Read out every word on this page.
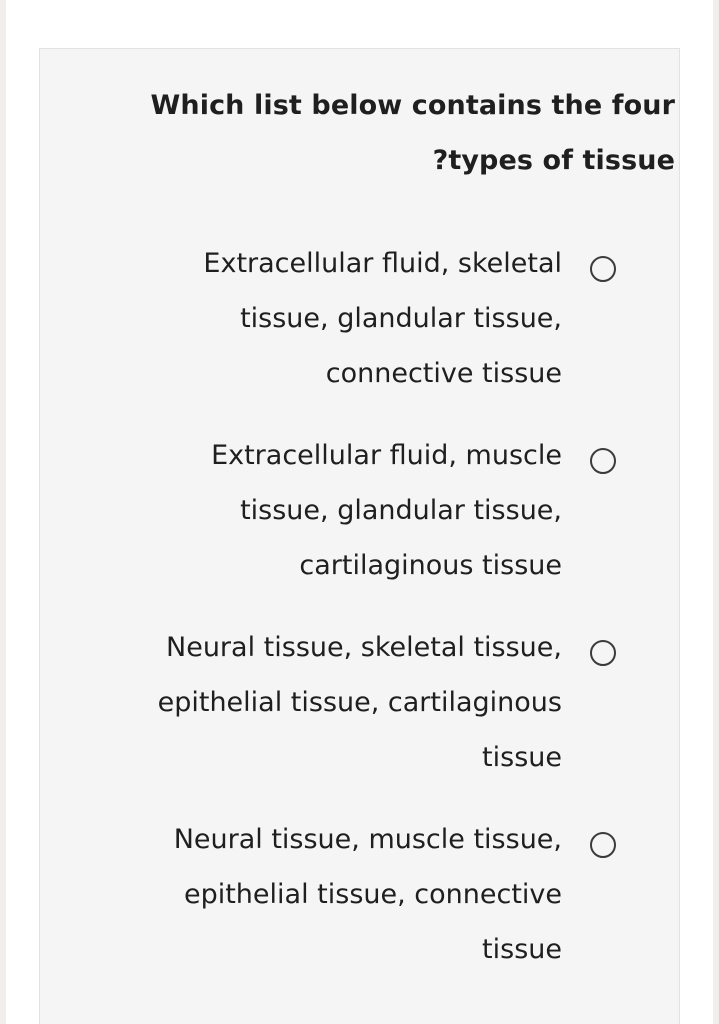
Which list below contains the four
?types of tissue

Extracellular fluid, skeletal
tissue, glandular tissue,
connective tissue
Extracellular fluid, muscle
tissue, glandular tissue,
cartilaginous tissue
Neural tissue, skeletal tissue,
epithelial tissue, cartilaginous
tissue
Neural tissue, muscle tissue,
epithelial tissue, connective
tissue
